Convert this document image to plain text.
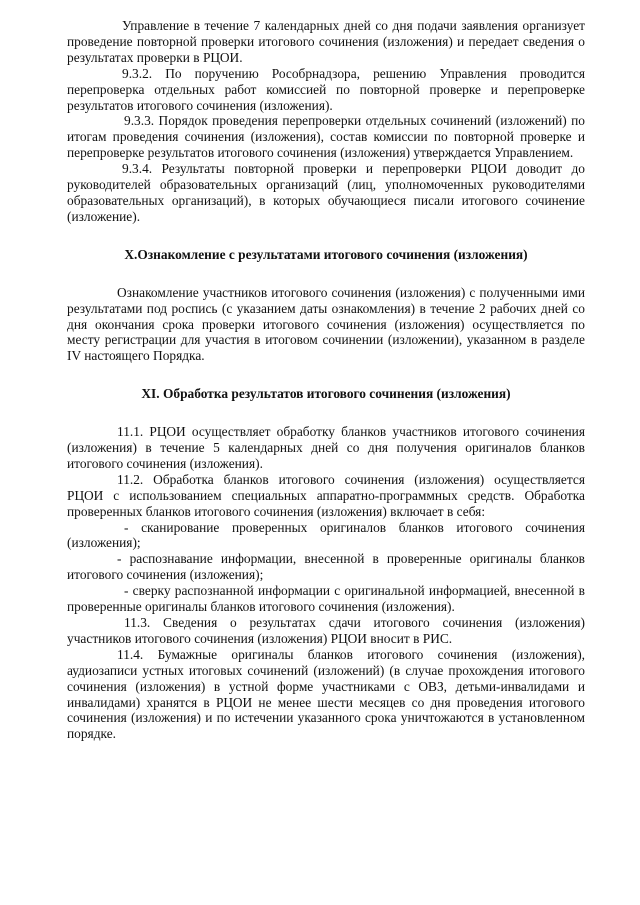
Управление в течение 7 календарных дней со дня подачи заявления организует проведение повторной проверки итогового сочинения (изложения) и передает сведения о результатах проверки в РЦОИ.

9.3.2. По поручению Рособрнадзора, решению Управления проводится перепроверка отдельных работ комиссией по повторной проверке и перепроверке результатов итогового сочинения (изложения).

9.3.3. Порядок проведения перепроверки отдельных сочинений (изложений) по итогам проведения сочинения (изложения), состав комиссии по повторной проверке и перепроверке результатов итогового сочинения (изложения) утверждается Управлением.

9.3.4. Результаты повторной проверки и перепроверки РЦОИ доводит до руководителей образовательных организаций (лиц, уполномоченных руководителями образовательных организаций), в которых обучающиеся писали итогового сочинение (изложение).

X.Ознакомление с результатами итогового сочинения (изложения)

Ознакомление участников итогового сочинения (изложения) с полученными ими результатами под роспись (с указанием даты ознакомления) в течение 2 рабочих дней со дня окончания срока проверки итогового сочинения (изложения) осуществляется по месту регистрации для участия в итоговом сочинении (изложении), указанном в разделе IV настоящего Порядка.

XI. Обработка результатов итогового сочинения (изложения)

11.1. РЦОИ осуществляет обработку бланков участников итогового сочинения (изложения) в течение 5 календарных дней со дня получения оригиналов бланков итогового сочинения (изложения).

11.2. Обработка бланков итогового сочинения (изложения) осуществляется РЦОИ с использованием специальных аппаратно-программных средств. Обработка проверенных бланков итогового сочинения (изложения) включает в себя:

- сканирование проверенных оригиналов бланков итогового сочинения (изложения);

- распознавание информации, внесенной в проверенные оригиналы бланков итогового сочинения (изложения);

- сверку распознанной информации с оригинальной информацией, внесенной в проверенные оригиналы бланков итогового сочинения (изложения).

11.3. Сведения о результатах сдачи итогового сочинения (изложения) участников итогового сочинения (изложения) РЦОИ вносит в РИС.

11.4. Бумажные оригиналы бланков итогового сочинения (изложения), аудиозаписи устных итоговых сочинений (изложений) (в случае прохождения итогового сочинения (изложения) в устной форме участниками с ОВЗ, детьми-инвалидами и инвалидами) хранятся в РЦОИ не менее шести месяцев со дня проведения итогового сочинения (изложения) и по истечении указанного срока уничтожаются в установленном порядке.
